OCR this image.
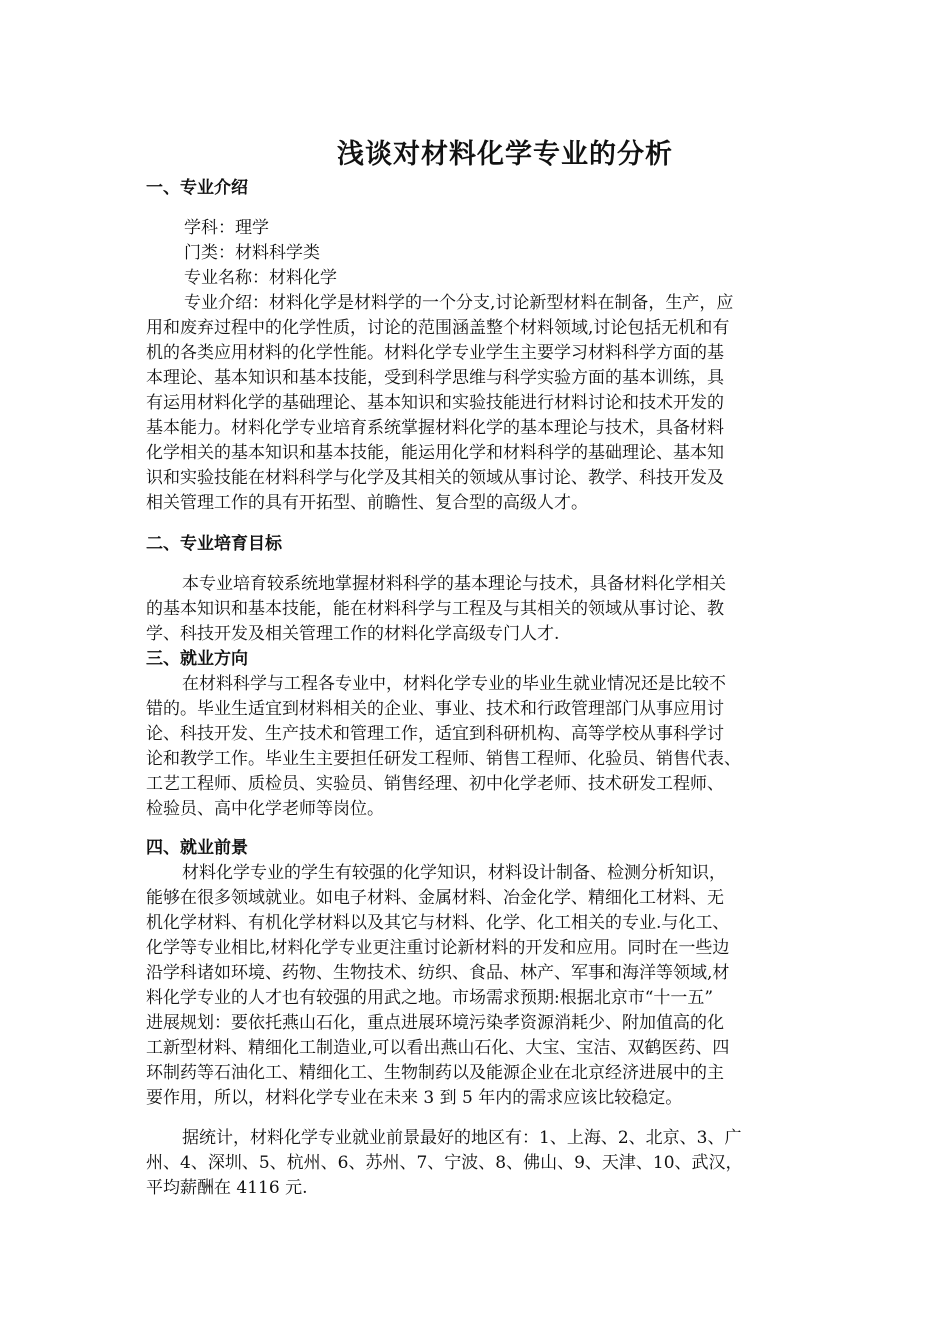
浅谈对材料化学专业的分析
一、专业介绍
学科：理学
门类：材料科学类
专业名称：材料化学
专业介绍：材料化学是材料学的一个分支,讨论新型材料在制备，生产，应
用和废弃过程中的化学性质，讨论的范围涵盖整个材料领域,讨论包括无机和有
机的各类应用材料的化学性能。材料化学专业学生主要学习材料科学方面的基
本理论、基本知识和基本技能，受到科学思维与科学实验方面的基本训练，具
有运用材料化学的基础理论、基本知识和实验技能进行材料讨论和技术开发的
基本能力。材料化学专业培育系统掌握材料化学的基本理论与技术，具备材料
化学相关的基本知识和基本技能，能运用化学和材料科学的基础理论、基本知
识和实验技能在材料科学与化学及其相关的领域从事讨论、教学、科技开发及
相关管理工作的具有开拓型、前瞻性、复合型的高级人才。
二、专业培育目标
本专业培育较系统地掌握材料科学的基本理论与技术，具备材料化学相关
的基本知识和基本技能，能在材料科学与工程及与其相关的领域从事讨论、教
学、科技开发及相关管理工作的材料化学高级专门人才.
三、就业方向
在材料科学与工程各专业中，材料化学专业的毕业生就业情况还是比较不
错的。毕业生适宜到材料相关的企业、事业、技术和行政管理部门从事应用讨
论、科技开发、生产技术和管理工作，适宜到科研机构、高等学校从事科学讨
论和教学工作。毕业生主要担任研发工程师、销售工程师、化验员、销售代表、
工艺工程师、质检员、实验员、销售经理、初中化学老师、技术研发工程师、
检验员、高中化学老师等岗位。
四、就业前景
材料化学专业的学生有较强的化学知识，材料设计制备、检测分析知识，
能够在很多领域就业。如电子材料、金属材料、冶金化学、精细化工材料、无
机化学材料、有机化学材料以及其它与材料、化学、化工相关的专业.与化工、
化学等专业相比,材料化学专业更注重讨论新材料的开发和应用。同时在一些边
沿学科诸如环境、药物、生物技术、纺织、食品、林产、军事和海洋等领域,材
料化学专业的人才也有较强的用武之地。市场需求预期:根据北京市“十一五”
进展规划：要依托燕山石化，重点进展环境污染孝资源消耗少、附加值高的化
工新型材料、精细化工制造业,可以看出燕山石化、大宝、宝洁、双鹤医药、四
环制药等石油化工、精细化工、生物制药以及能源企业在北京经济进展中的主
要作用，所以，材料化学专业在未来 3 到 5 年内的需求应该比较稳定。
据统计，材料化学专业就业前景最好的地区有：1、上海、2、北京、3、广
州、4、深圳、5、杭州、6、苏州、7、宁波、8、佛山、9、天津、10、武汉，
平均薪酬在 4116 元.
